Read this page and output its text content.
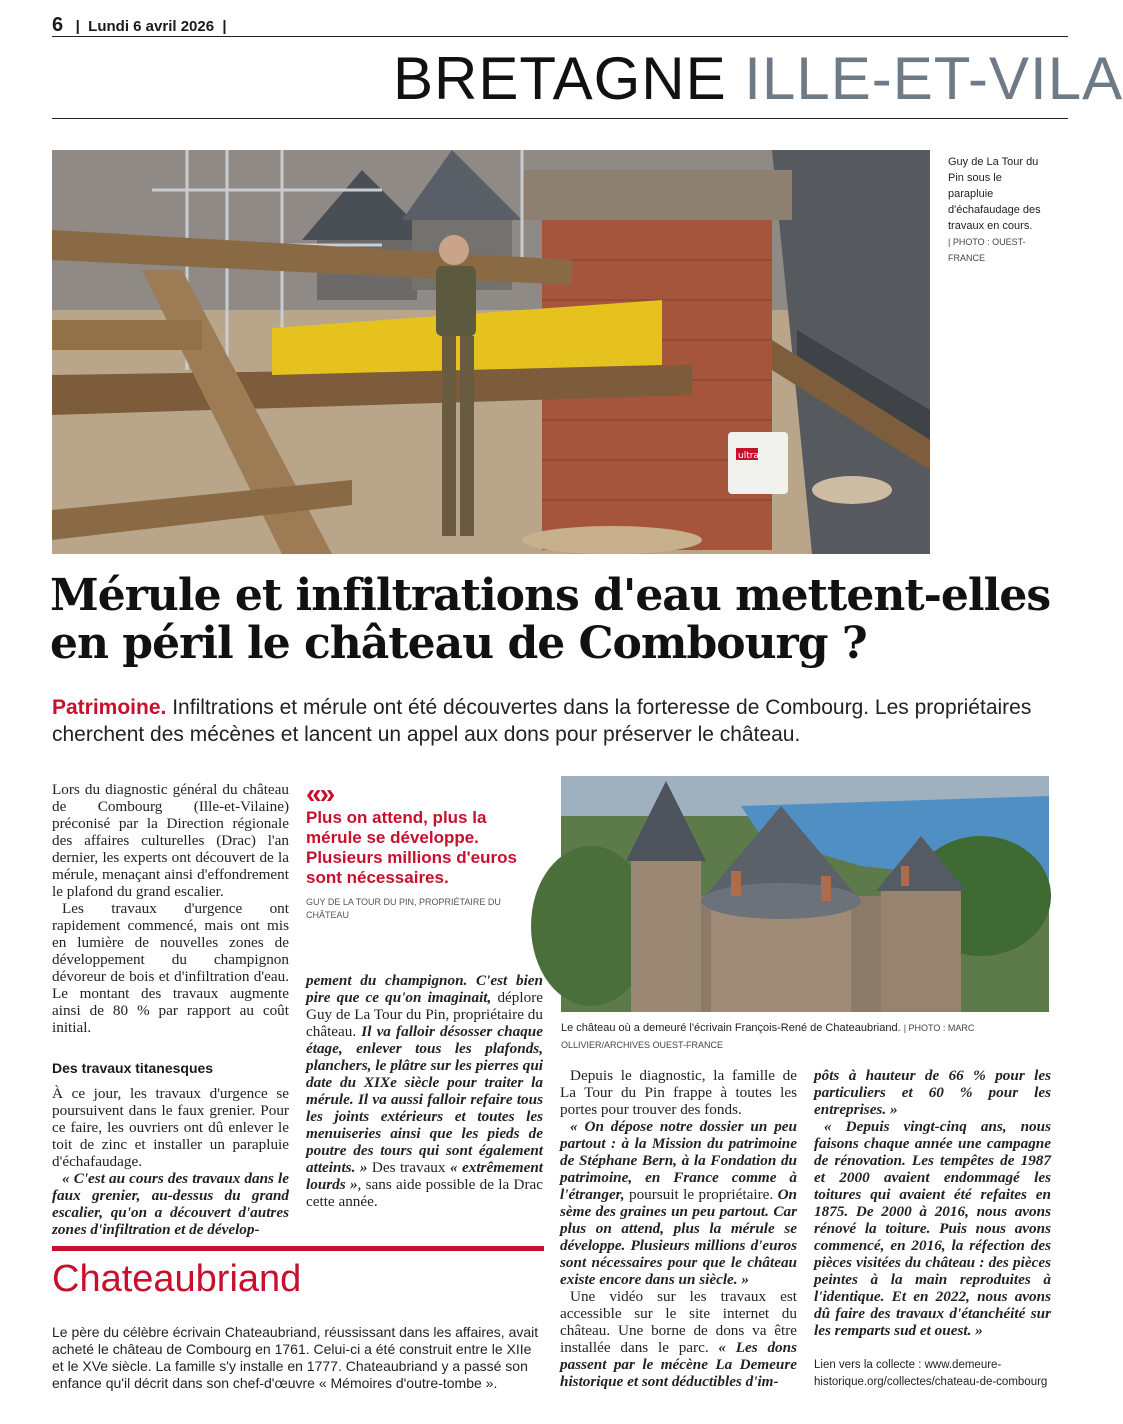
6   |  Lundi 6 avril 2026  |
BRETAGNE ILLE-ET-VILA
ultra
Guy de La Tour du Pin sous le parapluie d'échafaudage des travaux en cours.
| PHOTO : OUEST-FRANCE
Mérule et infiltrations d'eau mettent-elles en péril le château de Combourg ?
Patrimoine. Infiltrations et mérule ont été découvertes dans la forteresse de Combourg. Les propriétaires cherchent des mécènes et lancent un appel aux dons pour préserver le château.

Lors du diagnostic général du château de Combourg (Ille-et-Vilaine) préconisé par la Direction régionale des affaires culturelles (Drac) l'an dernier, les experts ont découvert de la mérule, menaçant ainsi d'effondrement le plafond du grand escalier.

Les travaux d'urgence ont rapidement commencé, mais ont mis en lumière de nouvelles zones de développement du champignon dévoreur de bois et d'infiltration d'eau. Le montant des travaux augmente ainsi de 80 % par rapport au coût initial.

Des travaux titanesques

À ce jour, les travaux d'urgence se poursuivent dans le faux grenier. Pour ce faire, les ouvriers ont dû enlever le toit de zinc et installer un parapluie d'échafaudage.

« C'est au cours des travaux dans le faux grenier, au-dessus du grand escalier, qu'on a découvert d'autres zones d'infiltration et de dévelop-

«»
Plus on attend, plus la mérule se développe. Plusieurs millions d'euros sont nécessaires.
GUY DE LA TOUR DU PIN, PROPRIÉTAIRE DU CHÂTEAU

pement du champignon. C'est bien pire que ce qu'on imaginait, déplore Guy de La Tour du Pin, propriétaire du château. Il va falloir désosser chaque étage, enlever tous les plafonds, planchers, le plâtre sur les pierres qui date du XIXe siècle pour traiter la mérule. Il va aussi falloir refaire tous les joints extérieurs et toutes les menuiseries ainsi que les pieds de poutre des tours qui sont également atteints. » Des travaux « extrêmement lourds », sans aide possible de la Drac cette année.

Le château où a demeuré l'écrivain François-René de Chateaubriand. | PHOTO : MARC OLLIVIER/ARCHIVES OUEST-FRANCE

Depuis le diagnostic, la famille de La Tour du Pin frappe à toutes les portes pour trouver des fonds.

« On dépose notre dossier un peu partout : à la Mission du patrimoine de Stéphane Bern, à la Fondation du patrimoine, en France comme à l'étranger, poursuit le propriétaire. On sème des graines un peu partout. Car plus on attend, plus la mérule se développe. Plusieurs millions d'euros sont nécessaires pour que le château existe encore dans un siècle. »

Une vidéo sur les travaux est accessible sur le site internet du château. Une borne de dons va être installée dans le parc. « Les dons passent par le mécène La Demeure historique et sont déductibles d'im-

pôts à hauteur de 66 % pour les particuliers et 60 % pour les entreprises. »

« Depuis vingt-cinq ans, nous faisons chaque année une campagne de rénovation. Les tempêtes de 1987 et 2000 avaient endommagé les toitures qui avaient été refaites en 1875. De 2000 à 2016, nous avons rénové la toiture. Puis nous avons commencé, en 2016, la réfection des pièces visitées du château : des pièces peintes à la main reproduites à l'identique. Et en 2022, nous avons dû faire des travaux d'étanchéité sur les remparts sud et ouest. »

Lien vers la collecte : www.demeure-historique.org/collectes/chateau-de-combourg
Chateaubriand
Le père du célèbre écrivain Chateaubriand, réussissant dans les affaires, avait acheté le château de Combourg en 1761. Celui-ci a été construit entre le XIIe et le XVe siècle. La famille s'y installe en 1777. Chateaubriand y a passé son enfance qu'il décrit dans son chef-d'œuvre « Mémoires d'outre-tombe ».
